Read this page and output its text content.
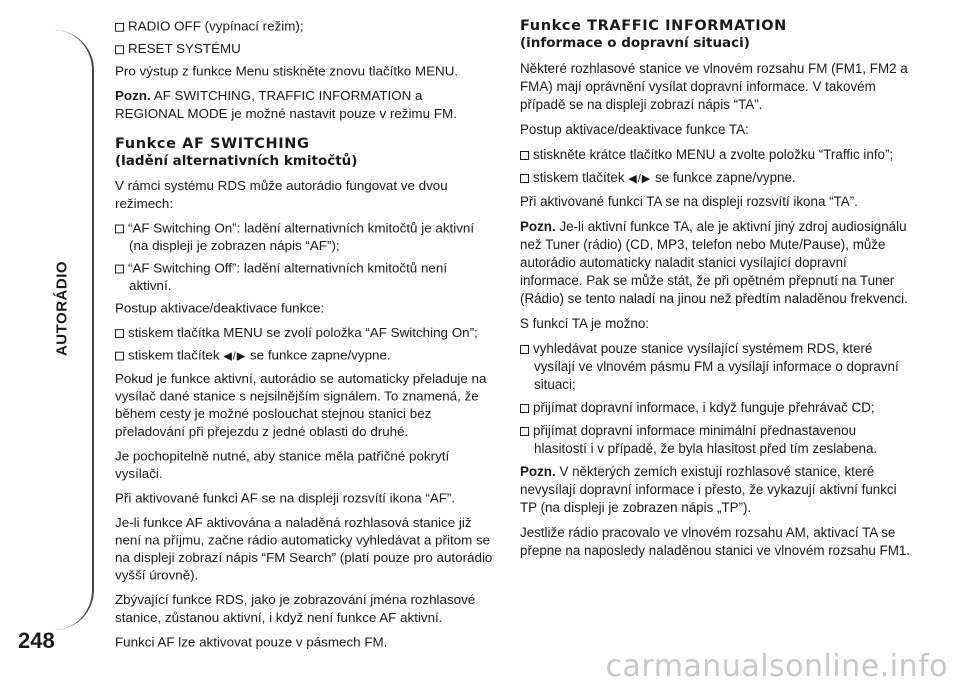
AUTORÁDIO
248
RADIO OFF (vypínací režim);
RESET SYSTÉMU

Pro výstup z funkce Menu stiskněte znovu tlačítko MENU.

Pozn. AF SWITCHING, TRAFFIC INFORMATION a REGIONAL MODE je možné nastavit pouze v režimu FM.

Funkce AF SWITCHING
(ladění alternativních kmitočtů)

V rámci systému RDS může autorádio fungovat ve dvou režimech:

“AF Switching On”: ladění alternativních kmitočtů je aktivní (na displeji je zobrazen nápis “AF”);
“AF Switching Off”: ladění alternativních kmitočtů není aktivní.

Postup aktivace/deaktivace funkce:

stiskem tlačítka MENU se zvolí položka “AF Switching On”;
stiskem tlačítek ◀/▶ se funkce zapne/vypne.

Pokud je funkce aktivní, autorádio se automaticky přeladuje na vysílač dané stanice s nejsilnějším signálem. To znamená, že během cesty je možné poslouchat stejnou stanici bez přeladování při přejezdu z jedné oblasti do druhé.

Je pochopitelně nutné, aby stanice měla patřičné pokrytí vysílači.

Při aktivované funkci AF se na displeji rozsvítí ikona “AF”.

Je-li funkce AF aktivována a naladěná rozhlasová stanice již není na příjmu, začne rádio automaticky vyhledávat a přitom se na displeji zobrazí nápis “FM Search” (platí pouze pro autorádio vyšší úrovně).

Zbývající funkce RDS, jako je zobrazování jména rozhlasové stanice, zůstanou aktivní, i když není funkce AF aktivní.

Funkci AF lze aktivovat pouze v pásmech FM.

Funkce TRAFFIC INFORMATION
(informace o dopravní situaci)

Některé rozhlasové stanice ve vlnovém rozsahu FM (FM1, FM2 a FMA) mají oprávnění vysílat dopravní informace. V takovém případě se na displeji zobrazí nápis “TA”.

Postup aktivace/deaktivace funkce TA:

stiskněte krátce tlačítko MENU a zvolte položku “Traffic info”;
stiskem tlačítek ◀/▶ se funkce zapne/vypne.

Při aktivované funkci TA se na displeji rozsvítí ikona “TA”.

Pozn. Je-li aktivní funkce TA, ale je aktivní jiný zdroj audiosignálu než Tuner (rádio) (CD, MP3, telefon nebo Mute/Pause), může autorádio automaticky naladit stanici vysílající dopravní informace. Pak se může stát, že při opětném přepnutí na Tuner (Rádio) se tento naladí na jinou než předtím naladěnou frekvenci.

S funkcí TA je možno:

vyhledávat pouze stanice vysílající systémem RDS, které vysílají ve vlnovém pásmu FM a vysílají informace o dopravní situaci;
přijímat dopravní informace, i když funguje přehrávač CD;
přijímat dopravní informace minimální přednastavenou hlasitostí i v případě, že byla hlasitost před tím zeslabena.

Pozn. V některých zemích existují rozhlasové stanice, které nevysílají dopravní informace i přesto, že vykazují aktivní funkci TP (na displeji je zobrazen nápis „TP”).

Jestliže rádio pracovalo ve vlnovém rozsahu AM, aktivací TA se přepne na naposledy naladěnou stanici ve vlnovém rozsahu FM1.

carmanualsonline.info
